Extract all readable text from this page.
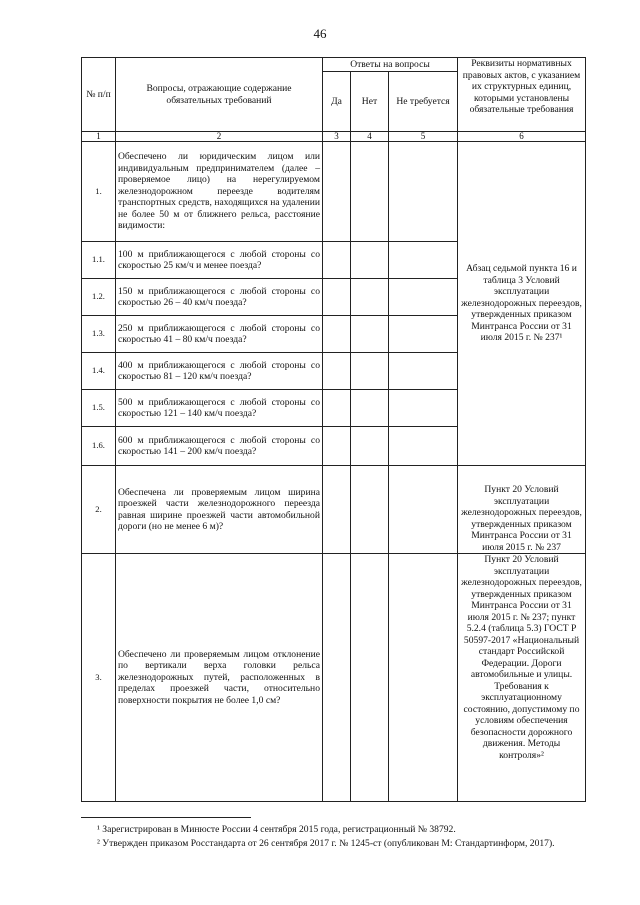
46
№ п/п	Вопросы, отражающие содержание обязательных требований	Ответы на вопросы			Реквизиты нормативных правовых актов, с указанием их структурных единиц, которыми установлены обязательные требования
		Да	Нет	Не требуется	
1	2	3	4	5	6
1.	Обеспечено ли юридическим лицом или индивидуальным предпринимателем (далее – проверяемое лицо) на нерегулируемом железнодорожном переезде водителям транспортных средств, находящихся на удалении не более 50 м от ближнего рельса, расстояние видимости:				Абзац седьмой пункта 16 и таблица 3 Условий эксплуатации железнодорожных переездов, утвержденных приказом Минтранса России от 31 июля 2015 г. № 237¹
1.1.	100 м приближающегося с любой стороны со скоростью 25 км/ч и менее поезда?				
1.2.	150 м приближающегося с любой стороны со скоростью 26 – 40 км/ч поезда?				
1.3.	250 м приближающегося с любой стороны со скоростью 41 – 80 км/ч поезда?				
1.4.	400 м приближающегося с любой стороны со скоростью 81 – 120 км/ч поезда?				
1.5.	500 м приближающегося с любой стороны со скоростью 121 – 140 км/ч поезда?				
1.6.	600 м приближающегося с любой стороны со скоростью 141 – 200 км/ч поезда?				
2.	Обеспечена ли проверяемым лицом ширина проезжей части железнодорожного переезда равная ширине проезжей части автомобильной дороги (но не менее 6 м)?				Пункт 20 Условий эксплуатации железнодорожных переездов, утвержденных приказом Минтранса России от 31 июля 2015 г. № 237
3.	Обеспечено ли проверяемым лицом отклонение по вертикали верха головки рельса железнодорожных путей, расположенных в пределах проезжей части, относительно поверхности покрытия не более 1,0 см?				Пункт 20 Условий эксплуатации железнодорожных переездов, утвержденных приказом Минтранса России от 31 июля 2015 г. № 237; пункт 5.2.4 (таблица 5.3) ГОСТ Р 50597-2017 «Национальный стандарт Российской Федерации. Дороги автомобильные и улицы. Требования к эксплуатационному состоянию, допустимому по условиям обеспечения безопасности дорожного движения. Методы контроля»²
¹ Зарегистрирован в Минюсте России 4 сентября 2015 года, регистрационный № 38792.
² Утвержден приказом Росстандарта от 26 сентября 2017 г. № 1245-ст (опубликован М: Стандартинформ, 2017).
